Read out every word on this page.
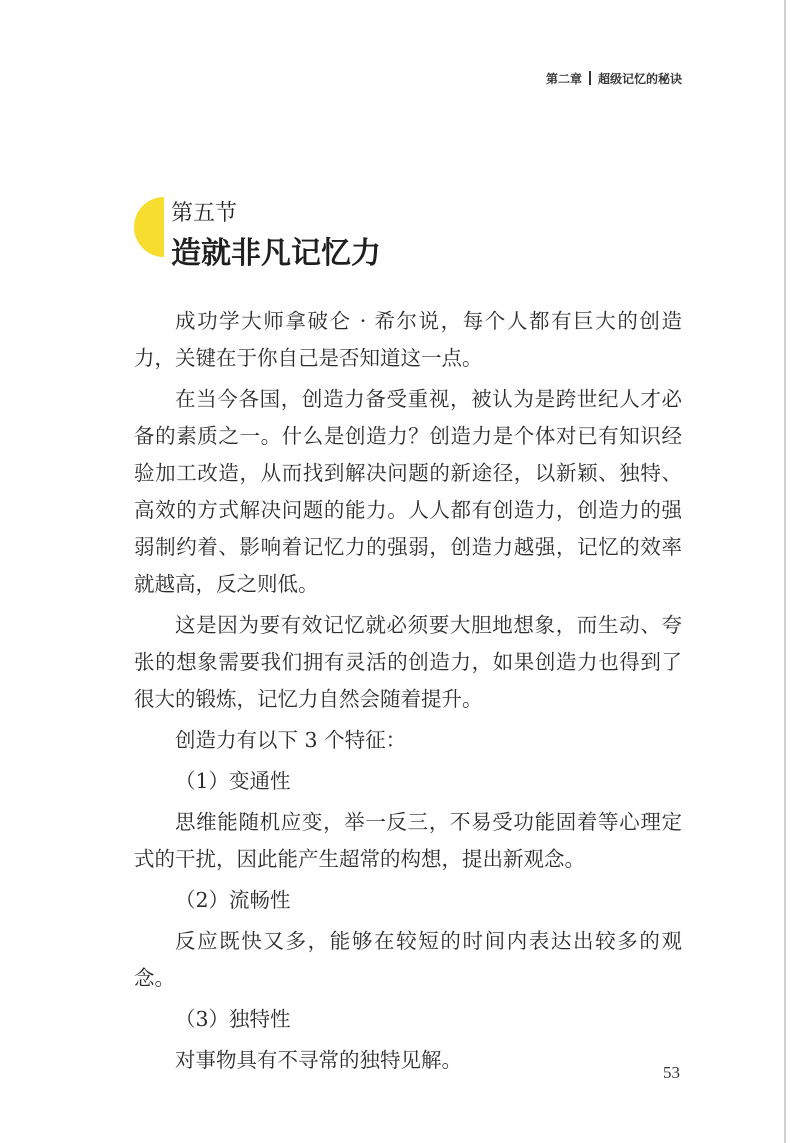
第二章 超级记忆的秘诀
第五节
造就非凡记忆力

成功学大师拿破仑 · 希尔说，每个人都有巨大的创造力，关键在于你自己是否知道这一点。

在当今各国，创造力备受重视，被认为是跨世纪人才必备的素质之一。什么是创造力？创造力是个体对已有知识经验加工改造，从而找到解决问题的新途径，以新颖、独特、高效的方式解决问题的能力。人人都有创造力，创造力的强弱制约着、影响着记忆力的强弱，创造力越强，记忆的效率就越高，反之则低。

这是因为要有效记忆就必须要大胆地想象，而生动、夸张的想象需要我们拥有灵活的创造力，如果创造力也得到了很大的锻炼，记忆力自然会随着提升。

创造力有以下 3 个特征：

（1）变通性

思维能随机应变，举一反三，不易受功能固着等心理定式的干扰，因此能产生超常的构想，提出新观念。

（2）流畅性

反应既快又多，能够在较短的时间内表达出较多的观念。

（3）独特性

对事物具有不寻常的独特见解。

53
